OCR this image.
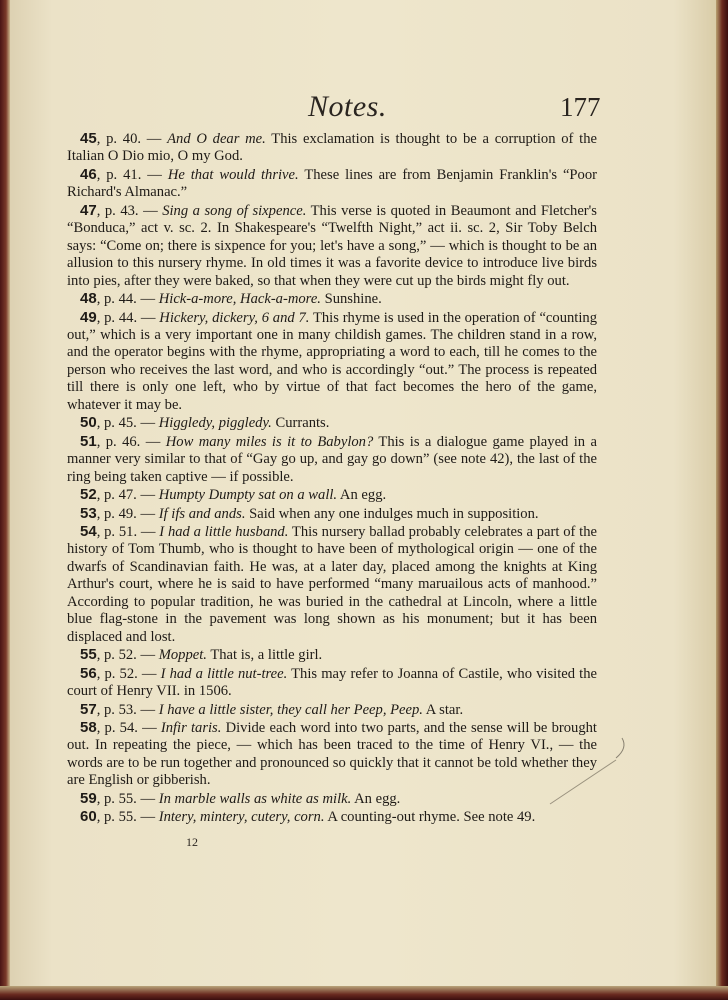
Notes.	177

45, p. 40. — And O dear me. This exclamation is thought to be a corruption of the Italian O Dio mio, O my God.

46, p. 41. — He that would thrive. These lines are from Benjamin Franklin's “Poor Richard's Almanac.”

47, p. 43. — Sing a song of sixpence. This verse is quoted in Beaumont and Fletcher's “Bonduca,” act v. sc. 2. In Shakespeare's “Twelfth Night,” act ii. sc. 2, Sir Toby Belch says: “Come on; there is sixpence for you; let's have a song,” — which is thought to be an allusion to this nursery rhyme. In old times it was a favorite device to introduce live birds into pies, after they were baked, so that when they were cut up the birds might fly out.

48, p. 44. — Hick-a-more, Hack-a-more. Sunshine.

49, p. 44. — Hickery, dickery, 6 and 7. This rhyme is used in the operation of “counting out,” which is a very important one in many childish games. The children stand in a row, and the operator begins with the rhyme, appropriating a word to each, till he comes to the person who receives the last word, and who is accordingly “out.” The process is repeated till there is only one left, who by virtue of that fact becomes the hero of the game, whatever it may be.

50, p. 45. — Higgledy, piggledy. Currants.

51, p. 46. — How many miles is it to Babylon? This is a dialogue game played in a manner very similar to that of “Gay go up, and gay go down” (see note 42), the last of the ring being taken captive — if possible.

52, p. 47. — Humpty Dumpty sat on a wall. An egg.

53, p. 49. — If ifs and ands. Said when any one indulges much in supposition.

54, p. 51. — I had a little husband. This nursery ballad probably celebrates a part of the history of Tom Thumb, who is thought to have been of mythological origin — one of the dwarfs of Scandinavian faith. He was, at a later day, placed among the knights at King Arthur's court, where he is said to have performed “many maruailous acts of manhood.” According to popular tradition, he was buried in the cathedral at Lincoln, where a little blue flag-stone in the pavement was long shown as his monument; but it has been displaced and lost.

55, p. 52. — Moppet. That is, a little girl.

56, p. 52. — I had a little nut-tree. This may refer to Joanna of Castile, who visited the court of Henry VII. in 1506.

57, p. 53. — I have a little sister, they call her Peep, Peep. A star.

58, p. 54. — Infir taris. Divide each word into two parts, and the sense will be brought out. In repeating the piece, — which has been traced to the time of Henry VI., — the words are to be run together and pronounced so quickly that it cannot be told whether they are English or gibberish.

59, p. 55. — In marble walls as white as milk. An egg.

60, p. 55. — Intery, mintery, cutery, corn. A counting-out rhyme. See note 49.

12
